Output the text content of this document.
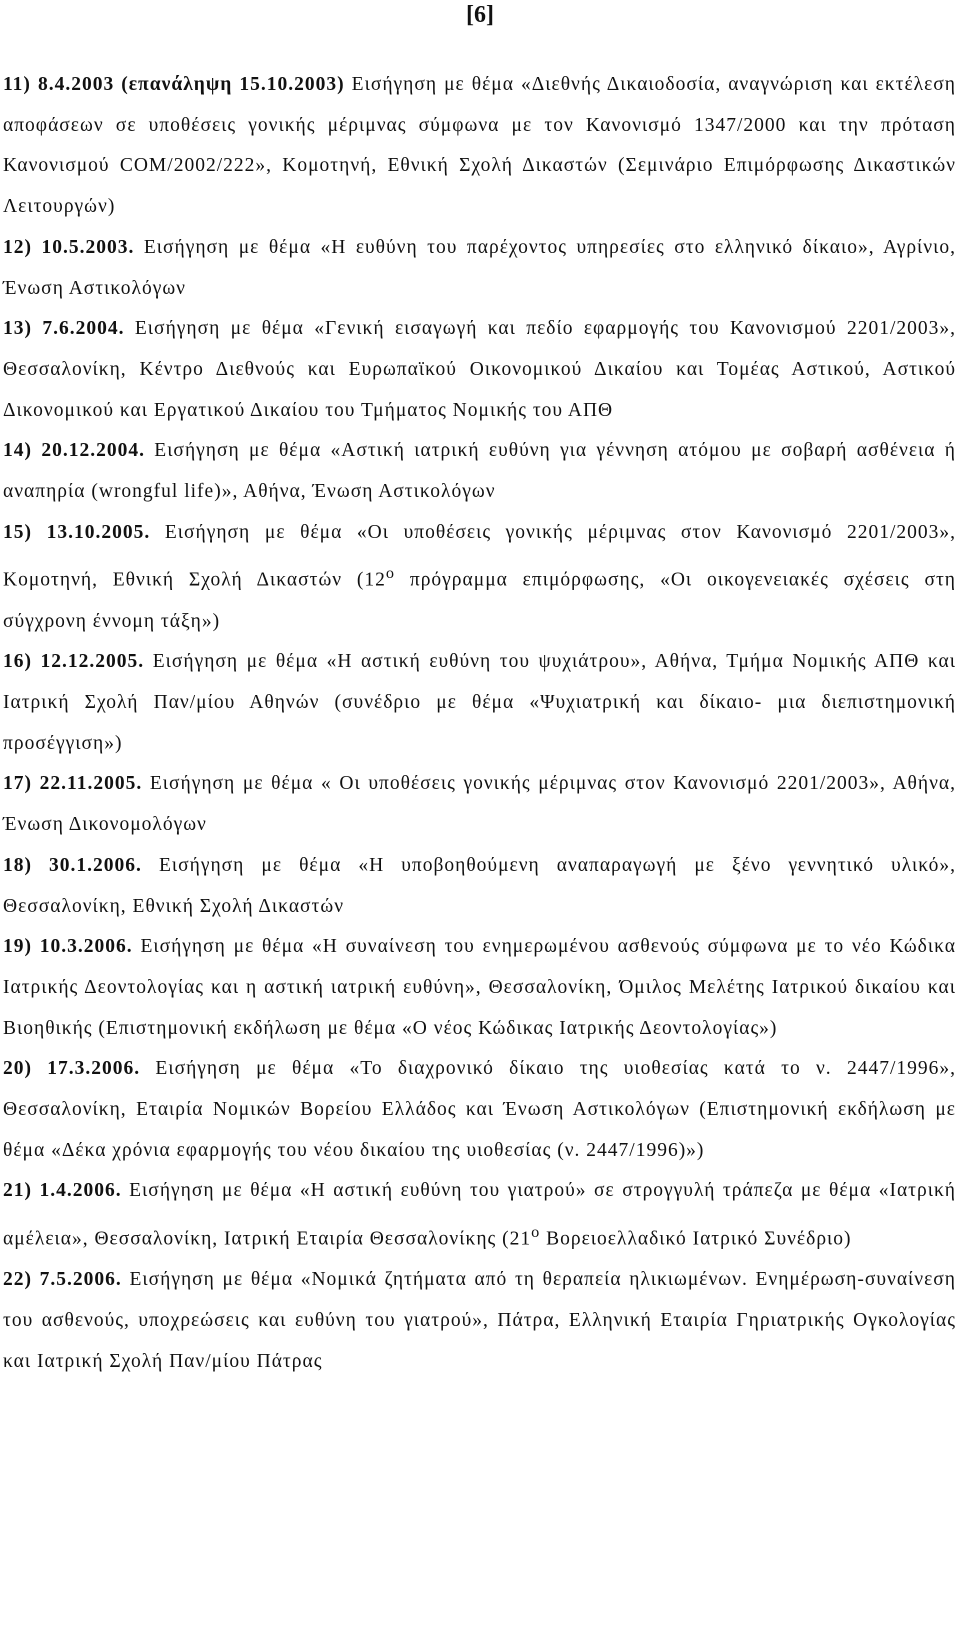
[6]

11) 8.4.2003 (επανάληψη 15.10.2003) Εισήγηση με θέμα «Διεθνής Δικαιοδοσία, αναγνώριση και εκτέλεση αποφάσεων σε υποθέσεις γονικής μέριμνας σύμφωνα με τον Κανονισμό 1347/2000 και την πρόταση Κανονισμού COM/2002/222», Κομοτηνή, Εθνική Σχολή Δικαστών (Σεμινάριο Επιμόρφωσης Δικαστικών Λειτουργών)

12) 10.5.2003. Εισήγηση με θέμα «Η ευθύνη του παρέχοντος υπηρεσίες στο ελληνικό δίκαιο», Αγρίνιο, Ένωση Αστικολόγων

13) 7.6.2004. Εισήγηση με θέμα «Γενική εισαγωγή και πεδίο εφαρμογής του Κανονισμού 2201/2003», Θεσσαλονίκη, Κέντρο Διεθνούς και Ευρωπαϊκού Οικονομικού Δικαίου και Τομέας Αστικού, Αστικού Δικονομικού και Εργατικού Δικαίου του Τμήματος Νομικής του ΑΠΘ

14) 20.12.2004. Εισήγηση με θέμα «Αστική ιατρική ευθύνη για γέννηση ατόμου με σοβαρή ασθένεια ή αναπηρία (wrongful life)», Αθήνα, Ένωση Αστικολόγων

15) 13.10.2005. Εισήγηση με θέμα «Οι υποθέσεις γονικής μέριμνας στον Κανονισμό 2201/2003», Κομοτηνή, Εθνική Σχολή Δικαστών ($12^o$ πρόγραμμα επιμόρφωσης, «Οι οικογενειακές σχέσεις στη σύγχρονη έννομη τάξη»)

16) 12.12.2005. Εισήγηση με θέμα «Η αστική ευθύνη του ψυχιάτρου», Αθήνα, Τμήμα Νομικής ΑΠΘ και Ιατρική Σχολή Παν/μίου Αθηνών (συνέδριο με θέμα «Ψυχιατρική και δίκαιο- μια διεπιστημονική προσέγγιση»)

17) 22.11.2005. Εισήγηση με θέμα « Οι υποθέσεις γονικής μέριμνας στον Κανονισμό 2201/2003», Αθήνα, Ένωση Δικονομολόγων

18) 30.1.2006. Εισήγηση με θέμα «Η υποβοηθούμενη αναπαραγωγή με ξένο γεννητικό υλικό», Θεσσαλονίκη, Εθνική Σχολή Δικαστών

19) 10.3.2006. Εισήγηση με θέμα «Η συναίνεση του ενημερωμένου ασθενούς σύμφωνα με το νέο Κώδικα Ιατρικής Δεοντολογίας και η αστική ιατρική ευθύνη», Θεσσαλονίκη, Όμιλος Μελέτης Ιατρικού δικαίου και Βιοηθικής (Επιστημονική εκδήλωση με θέμα «Ο νέος Κώδικας Ιατρικής Δεοντολογίας»)

20) 17.3.2006. Εισήγηση με θέμα «Το διαχρονικό δίκαιο της υιοθεσίας κατά το ν. 2447/1996», Θεσσαλονίκη, Εταιρία Νομικών Βορείου Ελλάδος και Ένωση Αστικολόγων (Επιστημονική εκδήλωση με θέμα «Δέκα χρόνια εφαρμογής του νέου δικαίου της υιοθεσίας (ν. 2447/1996)»)

21) 1.4.2006. Εισήγηση με θέμα «Η αστική ευθύνη του γιατρού» σε στρογγυλή τράπεζα με θέμα «Ιατρική αμέλεια», Θεσσαλονίκη, Ιατρική Εταιρία Θεσσαλονίκης ($21^o$ Βορειοελλαδικό Ιατρικό Συνέδριο)

22) 7.5.2006. Εισήγηση με θέμα «Νομικά ζητήματα από τη θεραπεία ηλικιωμένων. Ενημέρωση-συναίνεση του ασθενούς, υποχρεώσεις και ευθύνη του γιατρού», Πάτρα, Ελληνική Εταιρία Γηριατρικής Ογκολογίας και Ιατρική Σχολή Παν/μίου Πάτρας
